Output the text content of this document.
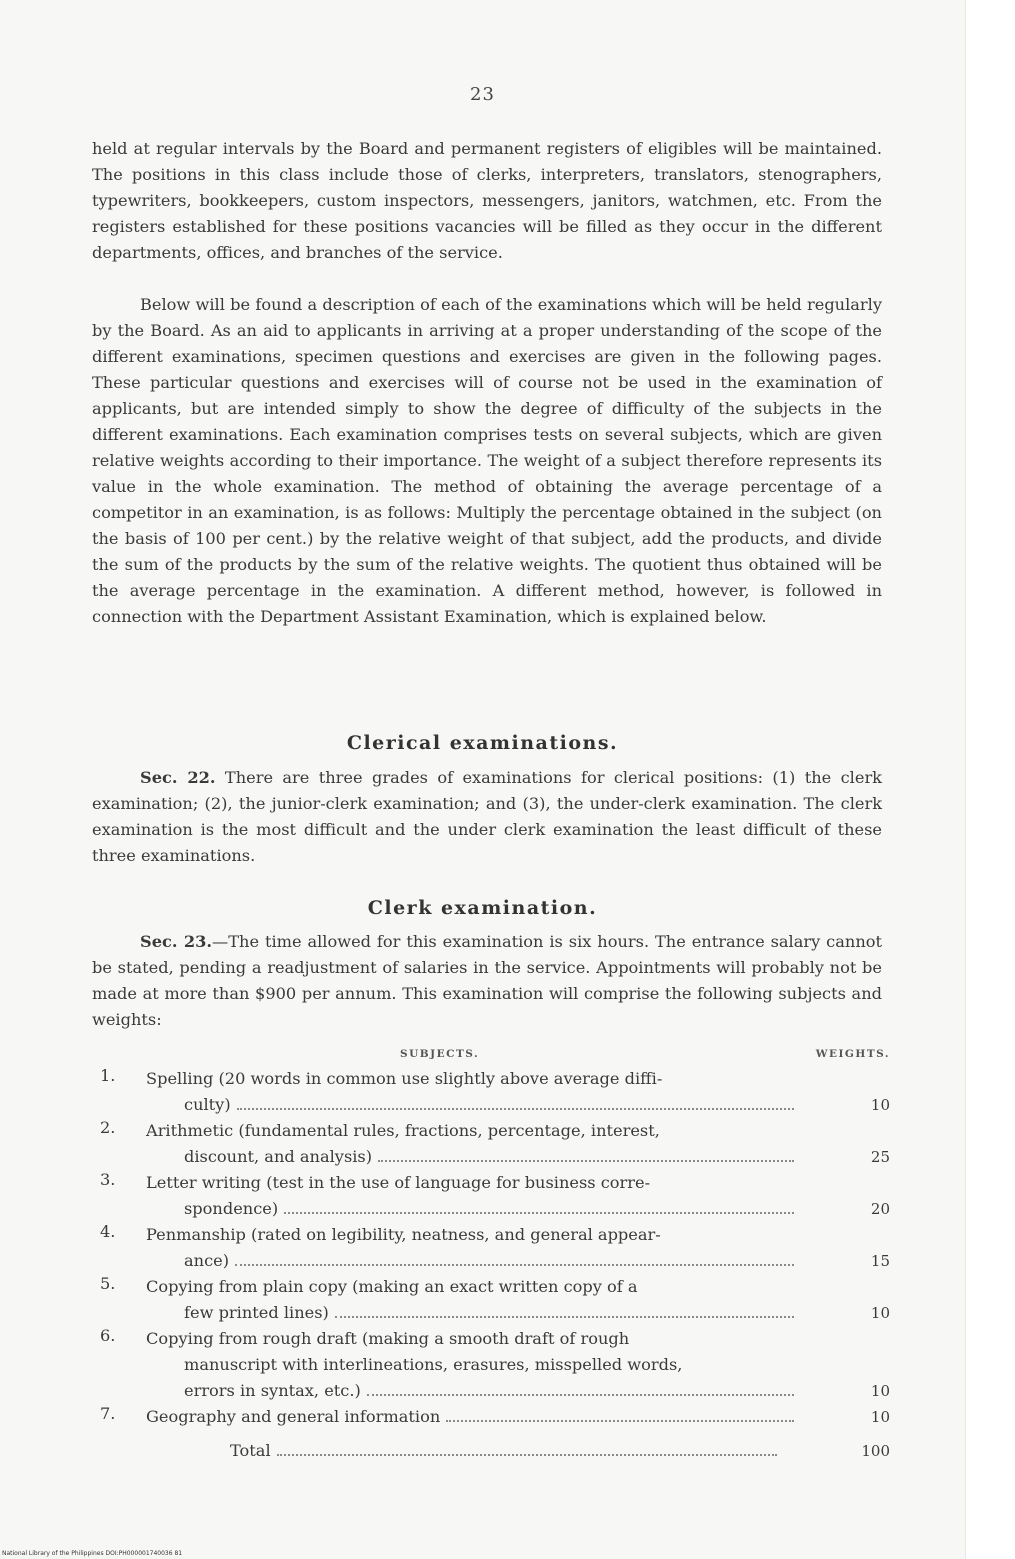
23

held at regular intervals by the Board and permanent registers of eligibles will be maintained. The positions in this class include those of clerks, interpreters, translators, stenographers, typewriters, bookkeepers, custom inspectors, messengers, janitors, watchmen, etc. From the registers established for these positions vacancies will be filled as they occur in the different departments, offices, and branches of the service.

Below will be found a description of each of the examinations which will be held regularly by the Board. As an aid to applicants in arriving at a proper understanding of the scope of the different examinations, specimen questions and exercises are given in the following pages. These particular questions and exercises will of course not be used in the examination of applicants, but are intended simply to show the degree of difficulty of the subjects in the different examinations. Each examination comprises tests on several subjects, which are given relative weights according to their importance. The weight of a subject therefore represents its value in the whole examination. The method of obtaining the average percentage of a competitor in an examination, is as follows: Multiply the percentage obtained in the subject (on the basis of 100 per cent.) by the relative weight of that subject, add the products, and divide the sum of the products by the sum of the relative weights. The quotient thus obtained will be the average percentage in the examination. A different method, however, is followed in connection with the Department Assistant Examination, which is explained below.

Clerical examinations.

Sec. 22. There are three grades of examinations for clerical positions: (1) the clerk examination; (2), the junior-clerk examination; and (3), the under-clerk examination. The clerk examination is the most difficult and the under clerk examination the least difficult of these three examinations.

Clerk examination.

Sec. 23.—The time allowed for this examination is six hours. The entrance salary cannot be stated, pending a readjustment of salaries in the service. Appointments will probably not be made at more than $900 per annum. This examination will comprise the following subjects and weights:

SUBJECTS.	WEIGHTS.
1.	Spelling (20 words in common use slightly above average diffi-
culty)	10
2.	Arithmetic (fundamental rules, fractions, percentage, interest,
discount, and analysis)	25
3.	Letter writing (test in the use of language for business corre-
spondence)	20
4.	Penmanship (rated on legibility, neatness, and general appear-
ance)	15
5.	Copying from plain copy (making an exact written copy of a
few printed lines)	10
6.	Copying from rough draft (making a smooth draft of rough
manuscript with interlineations, erasures, misspelled words,
errors in syntax, etc.)	10
7.	Geography and general information	10
Total	100
National Library of the Philippines DOI:PH000001740036 81
